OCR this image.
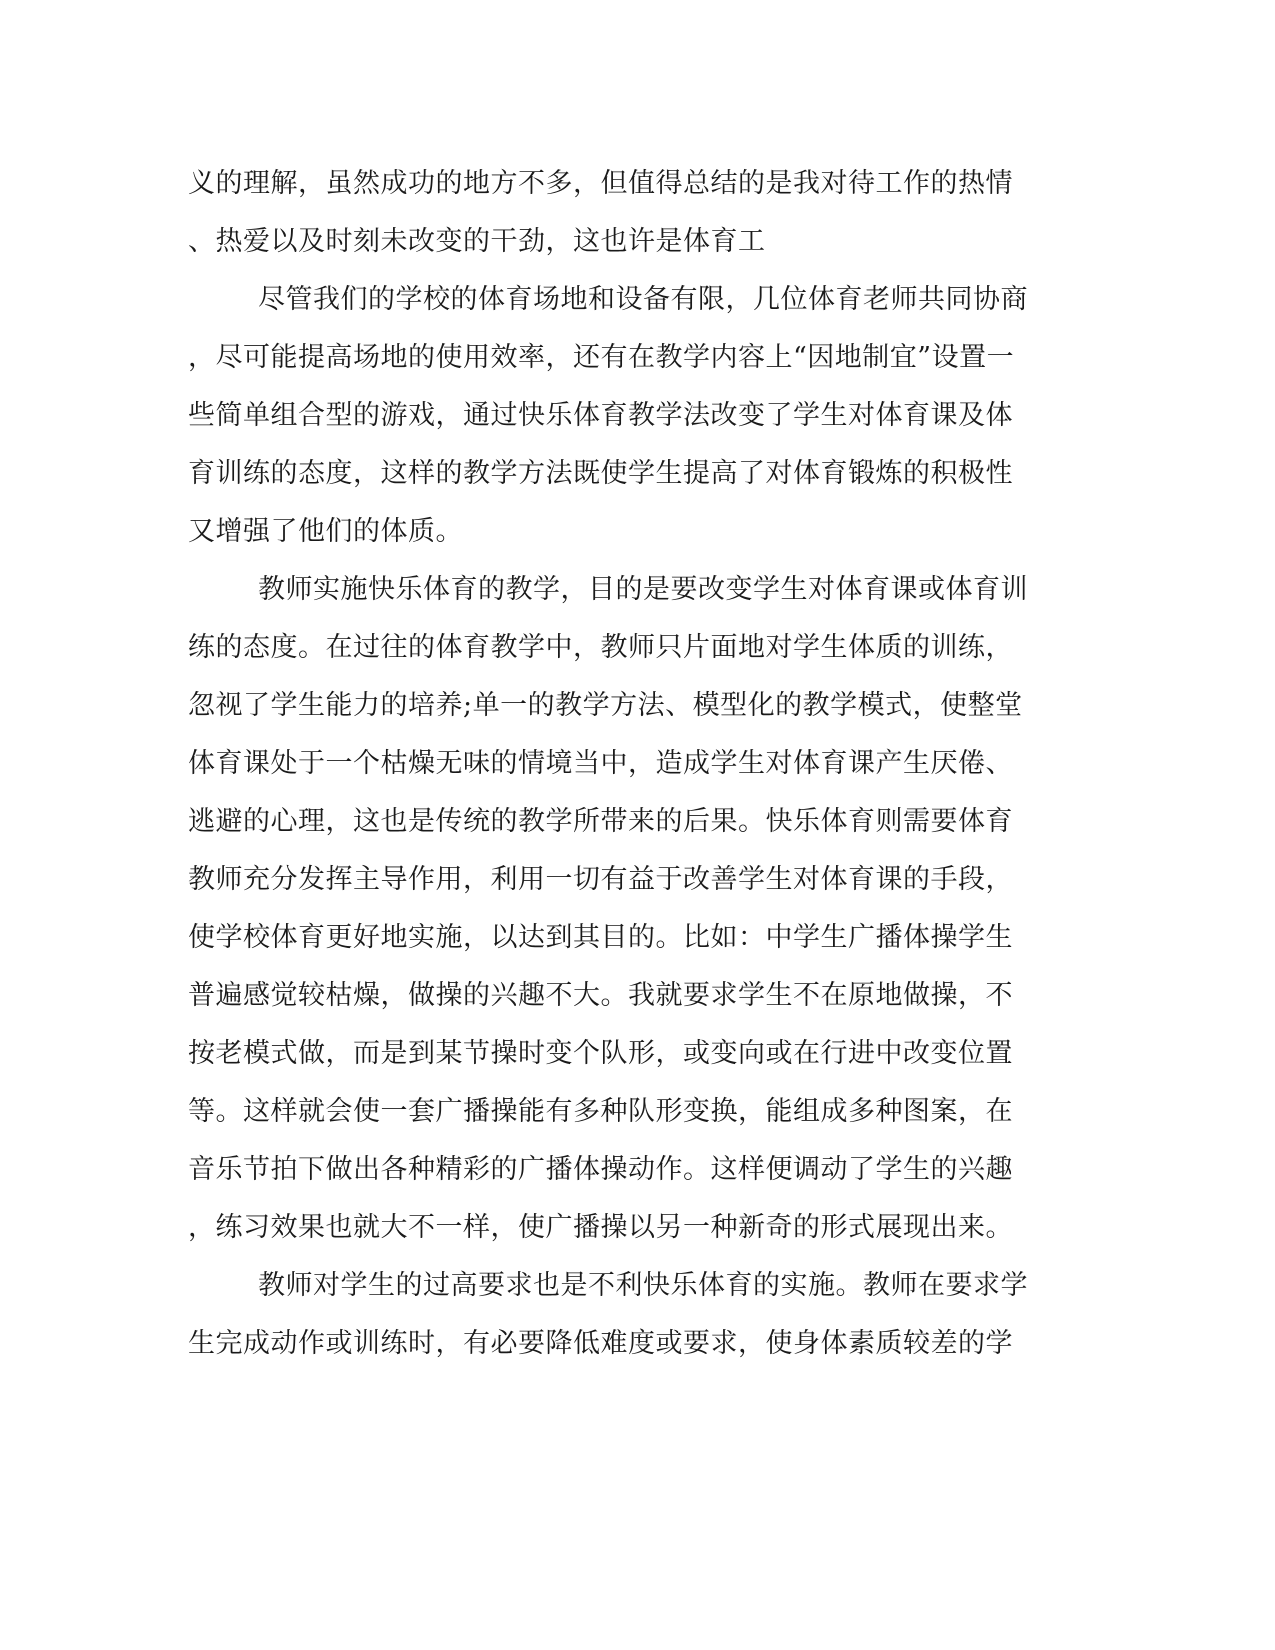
义的理解，虽然成功的地方不多，但值得总结的是我对待工作的热情
、热爱以及时刻未改变的干劲，这也许是体育工
尽管我们的学校的体育场地和设备有限，几位体育老师共同协商
，尽可能提高场地的使用效率，还有在教学内容上“因地制宜”设置一
些简单组合型的游戏，通过快乐体育教学法改变了学生对体育课及体
育训练的态度，这样的教学方法既使学生提高了对体育锻炼的积极性
又增强了他们的体质。
教师实施快乐体育的教学，目的是要改变学生对体育课或体育训
练的态度。在过往的体育教学中，教师只片面地对学生体质的训练，
忽视了学生能力的培养;单一的教学方法、模型化的教学模式，使整堂
体育课处于一个枯燥无味的情境当中，造成学生对体育课产生厌倦、
逃避的心理，这也是传统的教学所带来的后果。快乐体育则需要体育
教师充分发挥主导作用，利用一切有益于改善学生对体育课的手段，
使学校体育更好地实施，以达到其目的。比如：中学生广播体操学生
普遍感觉较枯燥，做操的兴趣不大。我就要求学生不在原地做操，不
按老模式做，而是到某节操时变个队形，或变向或在行进中改变位置
等。这样就会使一套广播操能有多种队形变换，能组成多种图案，在
音乐节拍下做出各种精彩的广播体操动作。这样便调动了学生的兴趣
，练习效果也就大不一样，使广播操以另一种新奇的形式展现出来。
教师对学生的过高要求也是不利快乐体育的实施。教师在要求学
生完成动作或训练时，有必要降低难度或要求，使身体素质较差的学
